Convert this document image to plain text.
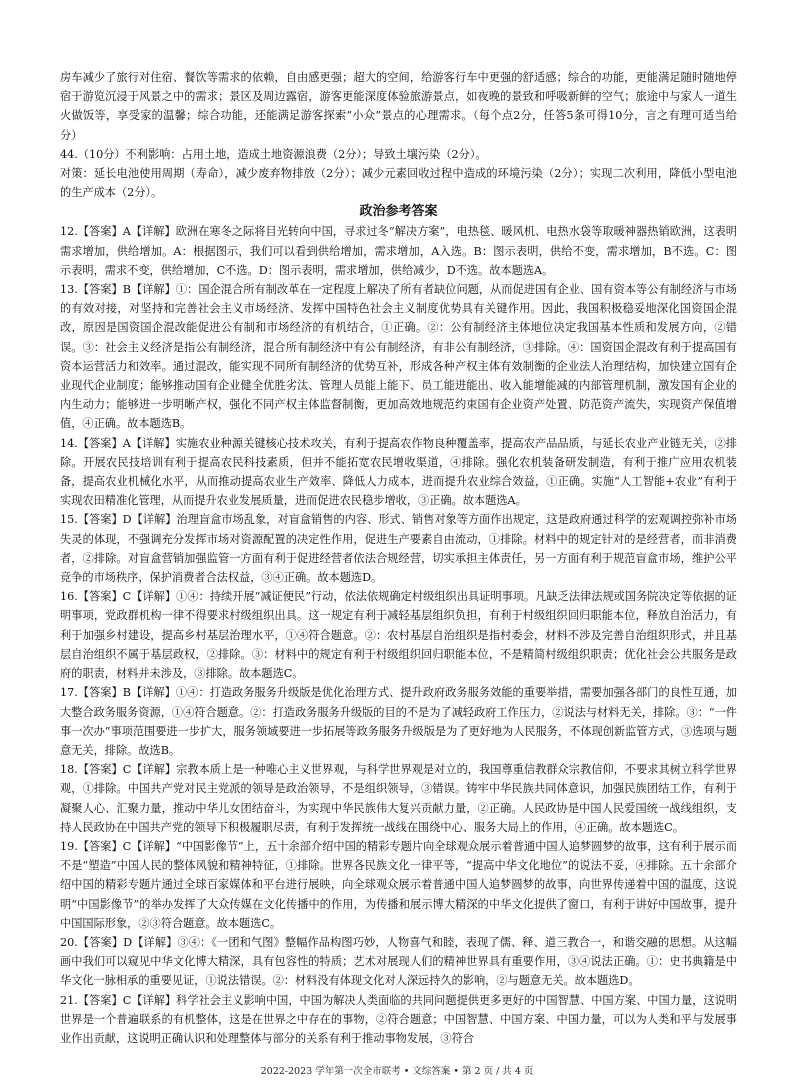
房车减少了旅行对住宿、餐饮等需求的依赖，自由感更强；超大的空间，给游客行车中更强的舒适感；综合的功能，更能满足随时随地停宿于游览沉浸于风景之中的需求；景区及周边露宿，游客更能深度体验旅游景点，如夜晚的景致和呼吸新鲜的空气；旅途中与家人一道生火做饭等，享受家的温馨；综合功能，还能满足游客探索“小众”景点的心理需求。（每个点2分，任答5条可得10分，言之有理可适当给分）

44.（10分）不利影响：占用土地，造成土地资源浪费（2分）；导致土壤污染（2分）。

对策：延长电池使用周期（寿命），减少废弃物排放（2分）；减少元素回收过程中造成的环境污染（2分）；实现二次利用，降低小型电池的生产成本（2分）。

政治参考答案

12.【答案】A【详解】欧洲在寒冬之际将目光转向中国，寻求过冬“解决方案”，电热毯、暖风机、电热水袋等取暖神器热销欧洲，这表明需求增加，供给增加。A：根据图示，我们可以看到供给增加，需求增加，A入选。B：图示表明，供给不变，需求增加，B不选。C：图示表明，需求不变，供给增加，C不选。D：图示表明，需求增加，供给减少，D不选。故本题选A。

13.【答案】B【详解】①：国企混合所有制改革在一定程度上解决了所有者缺位问题，从而促进国有企业、国有资本等公有制经济与市场的有效对接，对坚持和完善社会主义市场经济、发挥中国特色社会主义制度优势具有关键作用。因此，我国积极稳妥地深化国资国企混改，原因是国资国企混改能促进公有制和市场经济的有机结合，①正确。②：公有制经济主体地位决定我国基本性质和发展方向，②错误。③：社会主义经济是指公有制经济，混合所有制经济中有公有制经济，有非公有制经济，③排除。④：国资国企混改有利于提高国有资本运营活力和效率。通过混改，能实现不同所有制经济的优势互补，形成各种产权主体有效制衡的企业法人治理结构，加快建立国有企业现代企业制度；能够推动国有企业健全优胜劣汰、管理人员能上能下、员工能进能出、收入能增能减的内部管理机制，激发国有企业的内生动力；能够进一步明晰产权，强化不同产权主体监督制衡，更加高效地规范约束国有企业资产处置、防范资产流失，实现资产保值增值，④正确。故本题选B。

14.【答案】A【详解】实施农业种源关键核心技术攻关，有利于提高农作物良种覆盖率，提高农产品品质，与延长农业产业链无关，②排除。开展农民技培训有利于提高农民科技素质，但并不能拓宽农民增收渠道，④排除。强化农机装备研发制造，有利于推广应用农机装备，提高农业机械化水平，从而推动提高农业生产效率、降低人力成本，进而提升农业综合效益，①正确。实施“人工智能+农业”有利于实现农田精准化管理，从而提升农业发展质量，进而促进农民稳步增收，③正确。故本题选A。

15.【答案】D【详解】治理盲盒市场乱象，对盲盒销售的内容、形式、销售对象等方面作出规定，这是政府通过科学的宏观调控弥补市场失灵的体现，不强调充分发挥市场对资源配置的决定性作用，促进生产要素自由流动，①排除。材料中的规定针对的是经营者，而非消费者，②排除。对盲盒营销加强监管一方面有利于促进经营者依法合规经营，切实承担主体责任，另一方面有利于规范盲盒市场，维护公平竞争的市场秩序，保护消费者合法权益，③④正确。故本题选D。

16.【答案】C【详解】①④：持续开展“减证便民”行动，依法依规确定村级组织出具证明事项。凡缺乏法律法规或国务院决定等依据的证明事项，党政群机构一律不得要求村级组织出具。这一规定有利于减轻基层组织负担，有利于村级组织回归职能本位，释放自治活力，有利于加强乡村建设，提高乡村基层治理水平，①④符合题意。②：农村基层自治组织是指村委会，材料不涉及完善自治组织形式，并且基层自治组织不属于基层政权，②排除。③：材料中的规定有利于村级组织回归职能本位，不是精简村级组织职责；优化社会公共服务是政府的职责，材料并未涉及，③排除。故本题选C。

17.【答案】B【详解】①④：打造政务服务升级版是优化治理方式、提升政府政务服务效能的重要举措，需要加强各部门的良性互通，加大整合政务服务资源，①④符合题意。②：打造政务服务升级版的目的不是为了减轻政府工作压力，②说法与材料无关，排除。③：“一件事一次办”事项范围要进一步扩大，服务领域要进一步拓展等政务服务升级版是为了更好地为人民服务，不体现创新监管方式，③选项与题意无关，排除。故选B。

18.【答案】C【详解】宗教本质上是一种唯心主义世界观，与科学世界观是对立的，我国尊重信教群众宗教信仰，不要求其树立科学世界观，①排除。中国共产党对民主党派的领导是政治领导，不是组织领导，③错误。铸牢中华民族共同体意识，加强民族团结工作，有利于凝聚人心、汇聚力量，推动中华儿女团结奋斗，为实现中华民族伟大复兴贡献力量，②正确。人民政协是中国人民爱国统一战线组织，支持人民政协在中国共产党的领导下积极履职尽责，有利于发挥统一战线在围绕中心、服务大局上的作用，④正确。故本题选C。

19.【答案】C【详解】“中国影像节”上，五十余部介绍中国的精彩专题片向全球观众展示着普通中国人追梦圆梦的故事，这有利于展示而不是“塑造”中国人民的整体风貌和精神特征，①排除。世界各民族文化一律平等，“提高中华文化地位”的说法不妥，④排除。五十余部介绍中国的精彩专题片通过全球百家媒体和平台进行展映，向全球观众展示着普通中国人追梦圆梦的故事，向世界传递着中国的温度，这说明“中国影像节”的举办发挥了大众传媒在文化传播中的作用，为传播和展示博大精深的中华文化提供了窗口，有利于讲好中国故事，提升中国国际形象，②③符合题意。故本题选C。

20.【答案】D【详解】③④：《一团和气图》整幅作品构图巧妙，人物喜气和睦，表现了儒、释、道三教合一，和谐交融的思想。从这幅画中我们可以窥见中华文化博大精深，具有包容性的特质；艺术对展现人们的精神世界具有重要作用，③④说法正确。①：史书典籍是中华文化一脉相承的重要见证，①说法错误。②：材料没有体现文化对人深远持久的影响，②与题意无关。故本题选D。

21.【答案】C【详解】科学社会主义影响中国，中国为解决人类面临的共同问题提供更多更好的中国智慧、中国方案、中国力量，这说明世界是一个普遍联系的有机整体，这是在世界之中存在的事物，②符合题意；中国智慧、中国方案、中国力量，可以为人类和平与发展事业作出贡献，这说明正确认识和处理整体与部分的关系有利于推动事物发展，③符合

2022-2023 学年第一次全市联考 • 文综答案 • 第 2 页 / 共 4 页
